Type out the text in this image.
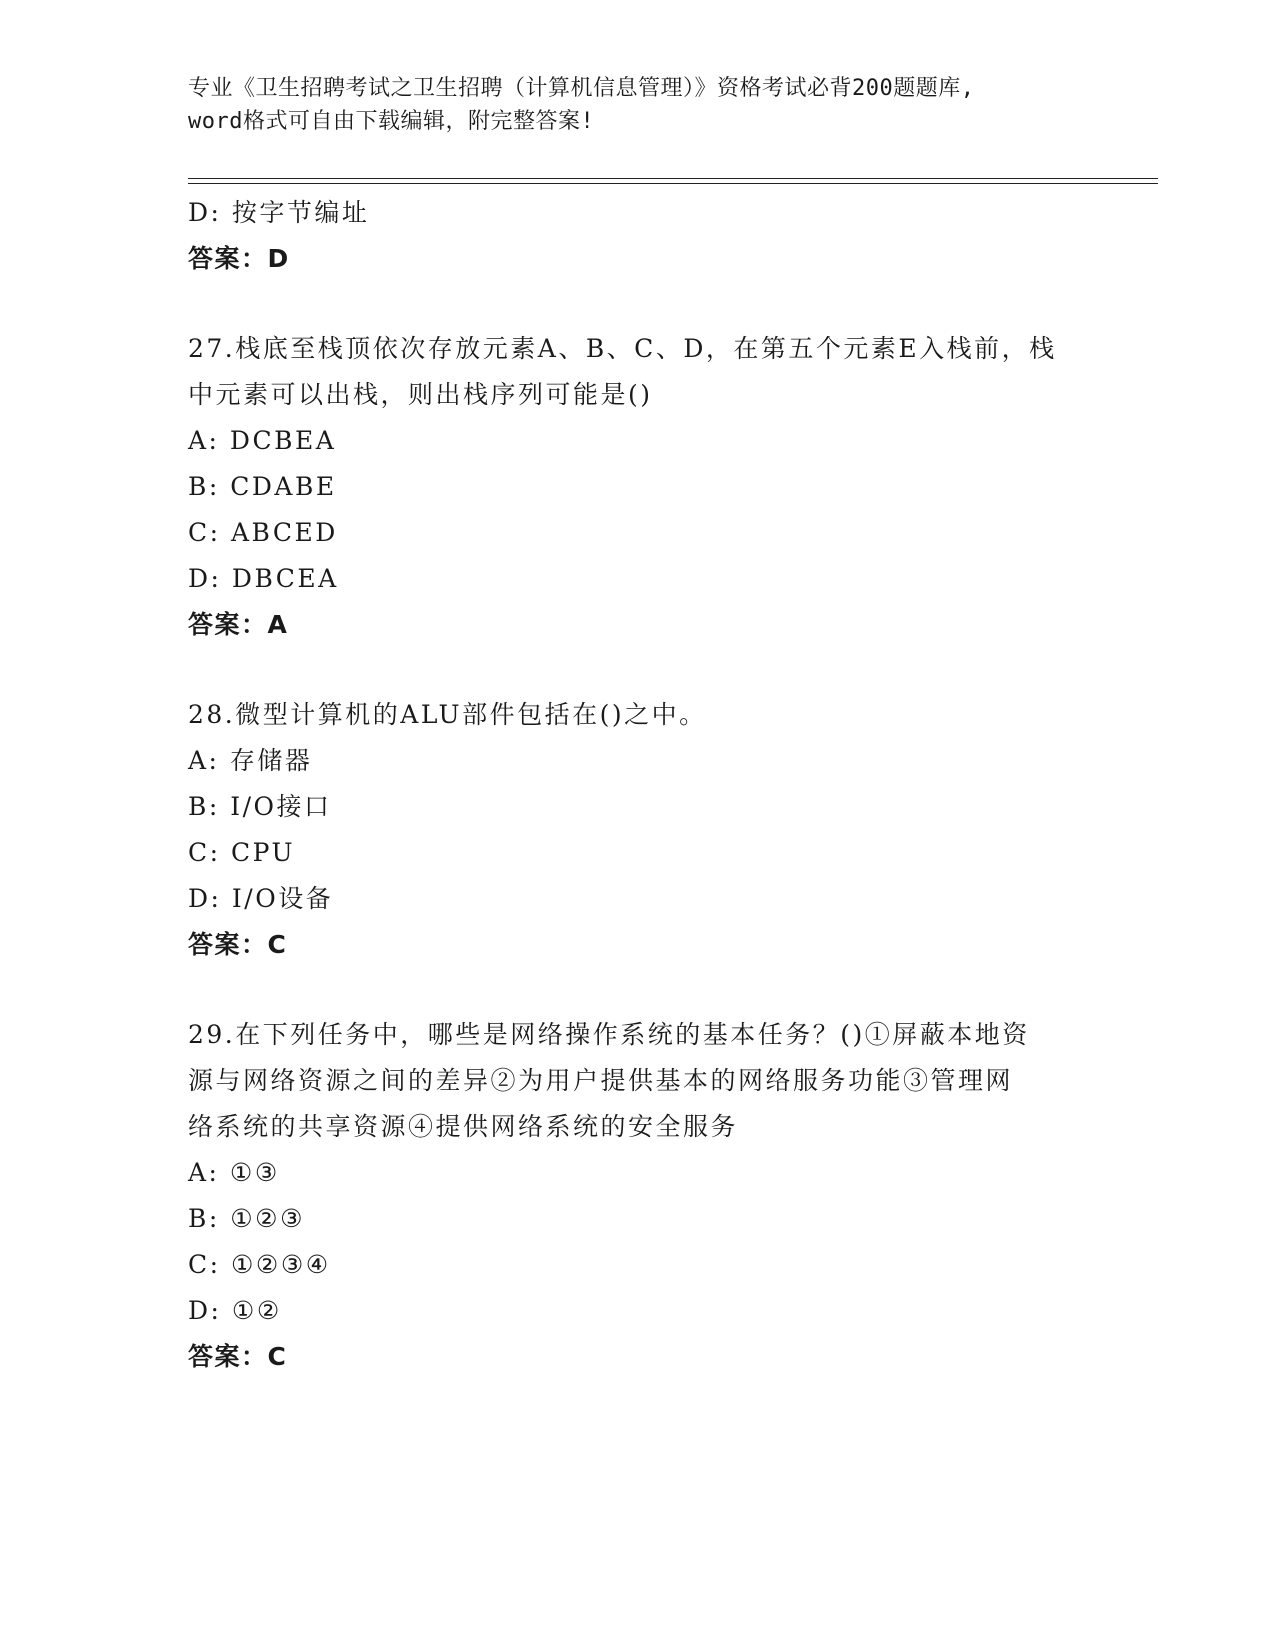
专业《卫生招聘考试之卫生招聘（计算机信息管理）》资格考试必背200题题库,
word格式可自由下载编辑，附完整答案!
D: 按字节编址
答案：D
27.栈底至栈顶依次存放元素A、B、C、D，在第五个元素E入栈前，栈
中元素可以出栈，则出栈序列可能是()
A: DCBEA
B: CDABE
C: ABCED
D: DBCEA
答案：A
28.微型计算机的ALU部件包括在()之中。
A: 存储器
B: I/O接口
C: CPU
D: I/O设备
答案：C
29.在下列任务中，哪些是网络操作系统的基本任务？()①屏蔽本地资
源与网络资源之间的差异②为用户提供基本的网络服务功能③管理网
络系统的共享资源④提供网络系统的安全服务
A: ①③
B: ①②③
C: ①②③④
D: ①②
答案：C
